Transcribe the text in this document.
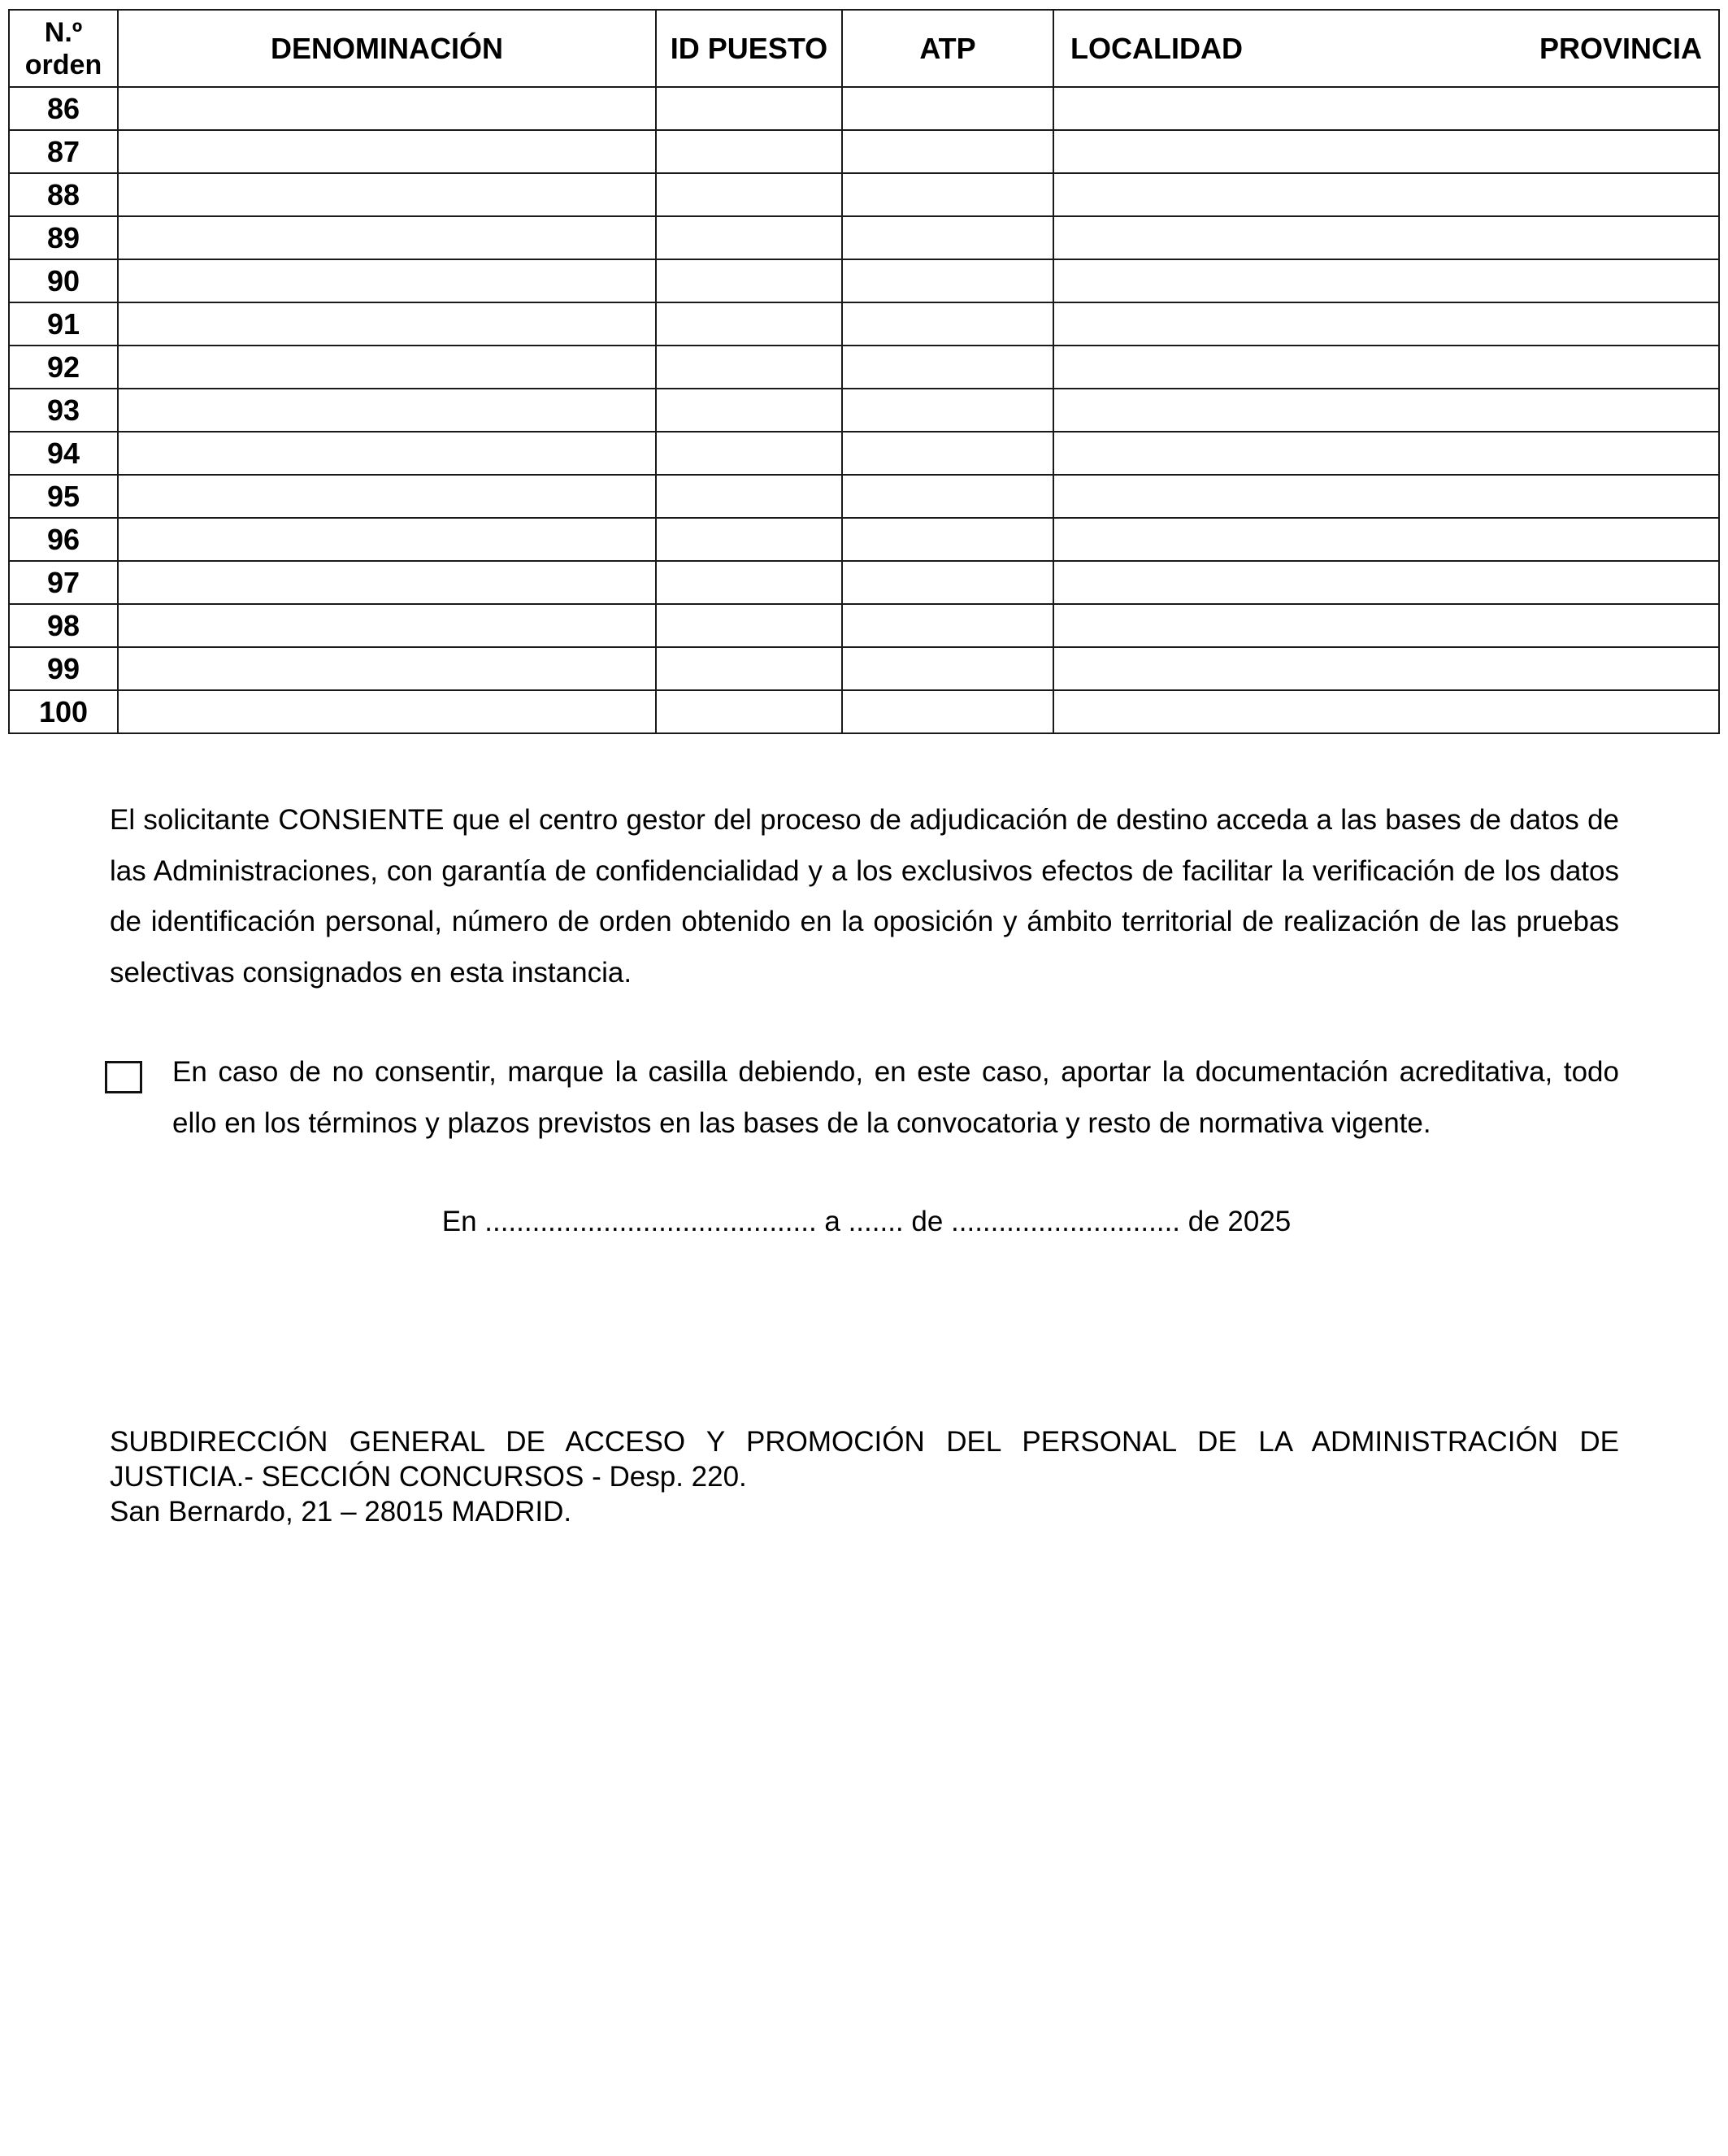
N.º
orden	DENOMINACIÓN	ID PUESTO	ATP	LOCALIDAD	PROVINCIA

86				
87				
88				
89				
90				
91				
92				
93				
94				
95				
96				
97				
98				
99				
100				
El solicitante CONSIENTE que el centro gestor del proceso de adjudicación de destino acceda a las bases de datos de las Administraciones, con garantía de confidencialidad y a los exclusivos efectos de facilitar la verificación de los datos de identificación personal, número de orden obtenido en la oposición y ámbito territorial de realización de las pruebas selectivas consignados en esta instancia.
En caso de no consentir, marque la casilla debiendo, en este caso, aportar la documentación acreditativa, todo ello en los términos y plazos previstos en las bases de la convocatoria y resto de normativa vigente.
En .......................................... a ....... de ............................. de 2025
SUBDIRECCIÓN GENERAL DE ACCESO Y PROMOCIÓN DEL PERSONAL DE LA ADMINISTRACIÓN DE
JUSTICIA.- SECCIÓN CONCURSOS - Desp. 220.
San Bernardo, 21 – 28015 MADRID.
